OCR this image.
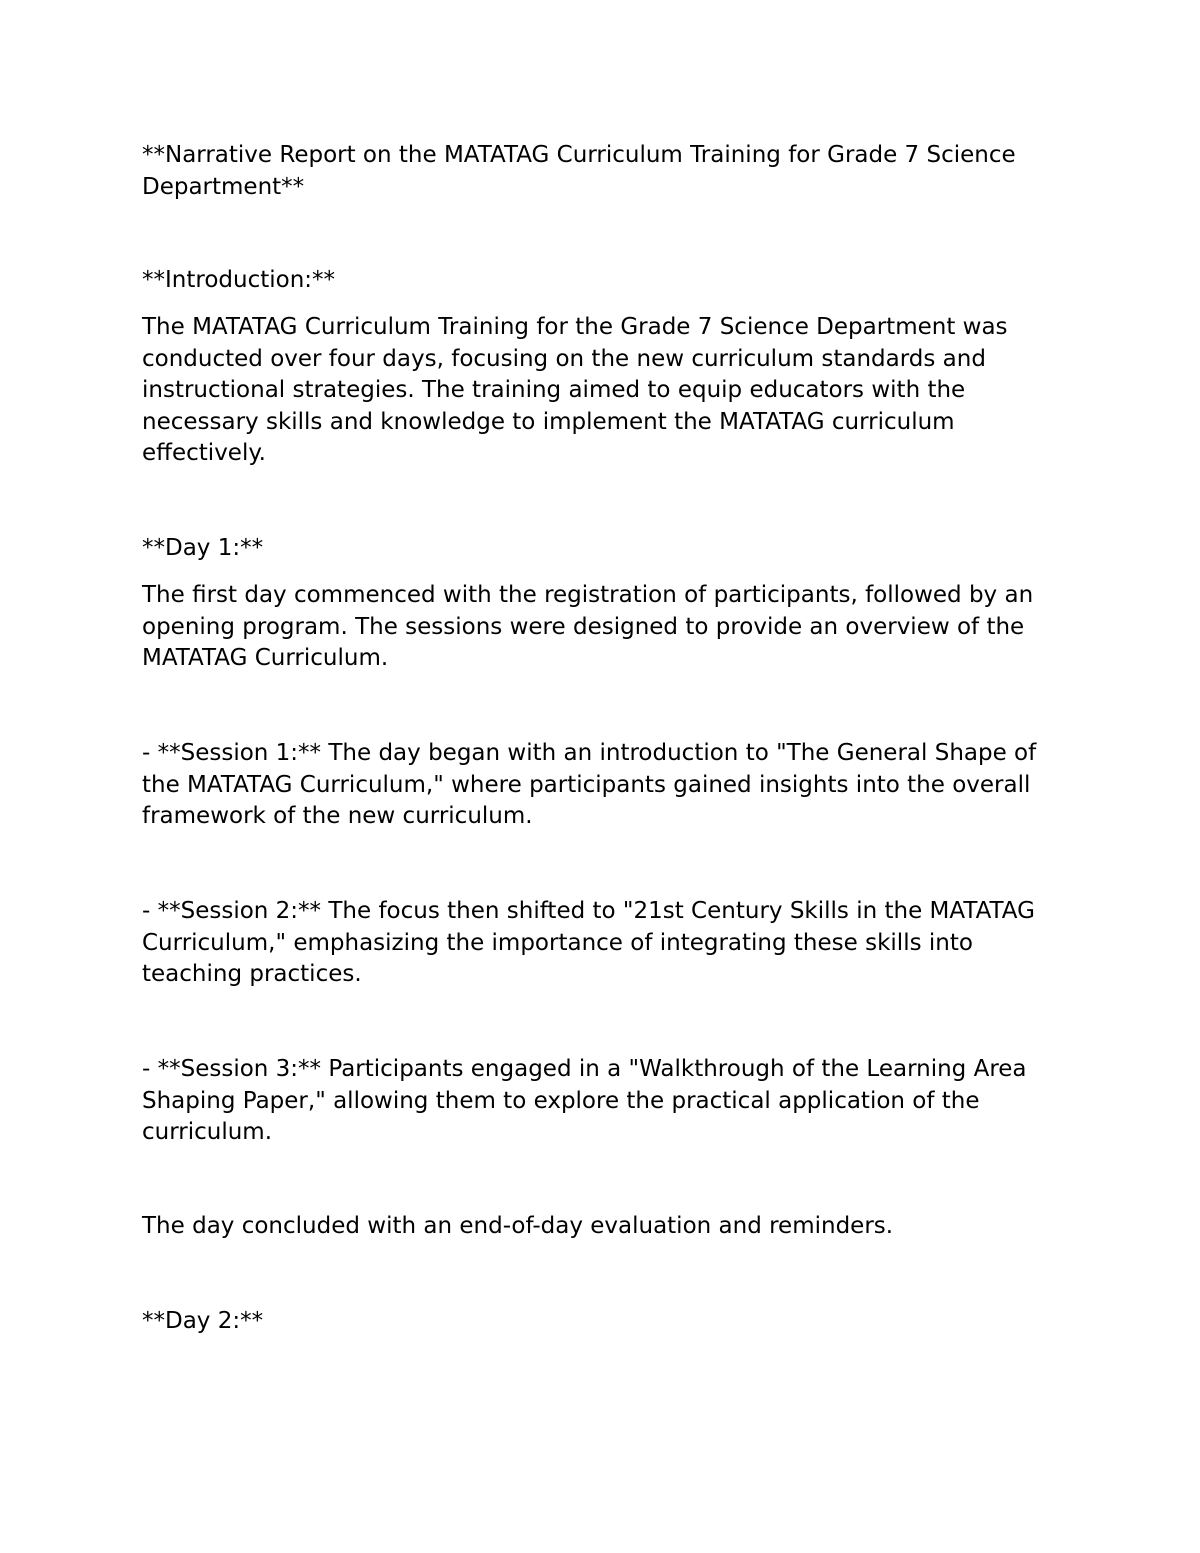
**Narrative Report on the MATATAG Curriculum Training for Grade 7 Science Department**

**Introduction:**

The MATATAG Curriculum Training for the Grade 7 Science Department was conducted over four days, focusing on the new curriculum standards and instructional strategies. The training aimed to equip educators with the necessary skills and knowledge to implement the MATATAG curriculum effectively.

**Day 1:**

The first day commenced with the registration of participants, followed by an opening program. The sessions were designed to provide an overview of the MATATAG Curriculum.

- **Session 1:** The day began with an introduction to "The General Shape of the MATATAG Curriculum," where participants gained insights into the overall framework of the new curriculum.

- **Session 2:** The focus then shifted to "21st Century Skills in the MATATAG Curriculum," emphasizing the importance of integrating these skills into teaching practices.

- **Session 3:** Participants engaged in a "Walkthrough of the Learning Area Shaping Paper," allowing them to explore the practical application of the curriculum.

The day concluded with an end-of-day evaluation and reminders.

**Day 2:**
